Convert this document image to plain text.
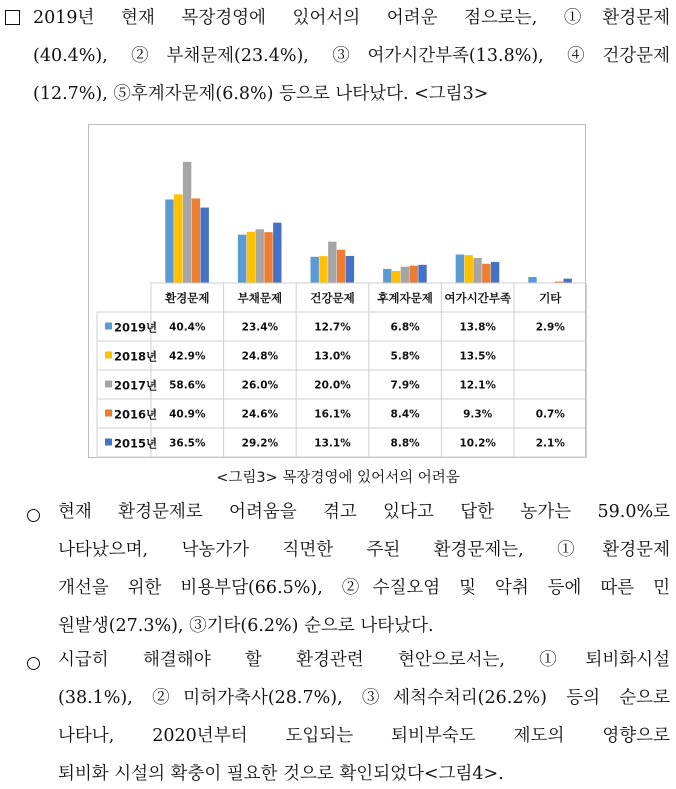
2019년 현재 목장경영에 있어서의 어려운 점으로는, ①환경문제
(40.4%), ②부채문제(23.4%), ③여가시간부족(13.8%), ④건강문제
(12.7%), ⑤후계자문제(6.8%) 등으로 나타났다. <그림3>
환경문제 부채문제 건강문제 후계자문제 여가시간부족 기타
2019년 40.4%	23.4%	12.7%	6.8%	13.8%	2.9%
2018년 42.9%	24.8%	13.0%	5.8%	13.5%
2017년 58.6%	26.0%	20.0%	7.9%	12.1%
2016년 40.9%	24.6%	16.1%	8.4%	9.3%	0.7%
2015년 36.5%	29.2%	13.1%	8.8%	10.2%	2.1%
<그림3> 목장경영에 있어서의 어려움
현재 환경문제로 어려움을 겪고 있다고 답한 농가는 59.0%로
나타났으며, 낙농가가 직면한 주된 환경문제는, ①환경문제
개선을 위한 비용부담(66.5%), ②수질오염 및 악취 등에 따른 민
원발생(27.3%), ③기타(6.2%) 순으로 나타났다.
시급히 해결해야 할 환경관련 현안으로서는, ①퇴비화시설
(38.1%), ②미허가축사(28.7%), ③세척수처리(26.2%) 등의 순으로
나타나, 2020년부터 도입되는 퇴비부숙도 제도의 영향으로
퇴비화 시설의 확충이 필요한 것으로 확인되었다<그림4>.
